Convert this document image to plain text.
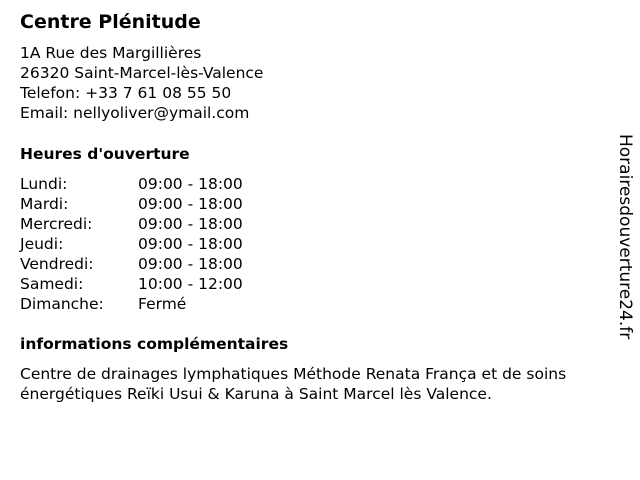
Centre Plénitude
1A Rue des Margillières
26320 Saint-Marcel-lès-Valence
Telefon: +33 7 61 08 55 50
Email: nellyoliver@ymail.com
Heures d'ouverture
Lundi:	09:00 - 18:00
Mardi:	09:00 - 18:00
Mercredi:	09:00 - 18:00
Jeudi:	09:00 - 18:00
Vendredi:	09:00 - 18:00
Samedi:	10:00 - 12:00
Dimanche: Fermé
informations complémentaires
Centre de drainages lymphatiques Méthode Renata França et de soins énergétiques Reïki Usui & Karuna à Saint Marcel lès Valence.
Horairesdouverture24.fr
